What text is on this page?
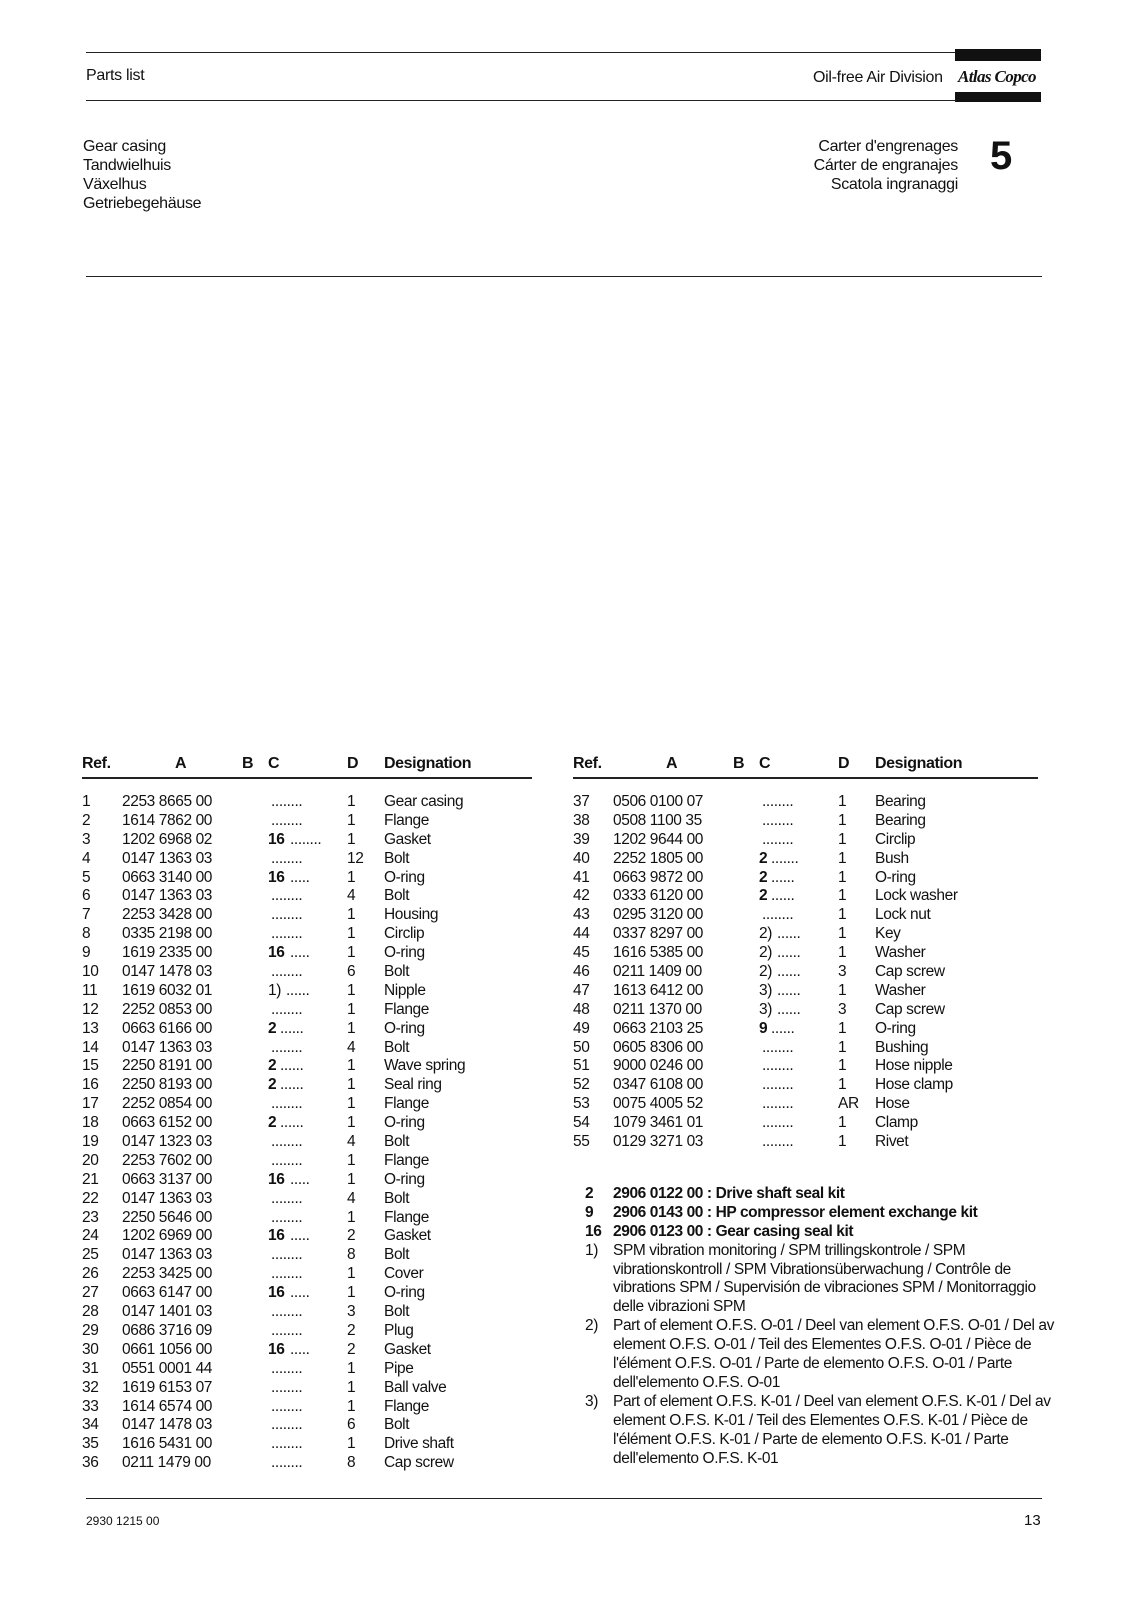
Parts list	Oil-free Air Division Atlas Copco
Gear casing
Tandwielhuis
Växelhus
Getriebegehäuse
Carter d'engrenages
Cárter de engranajes
Scatola ingranaggi
5
Ref.	A	B C	D Designation
1 2253 8665 00	........	1 Gear casing
2 1614 7862 00	........	1 Flange
3 1202 6968 02	16 ........ 1 Gasket
4 0147 1363 03	........	12 Bolt
5 0663 3140 00	16 ..... 1 O-ring
6 0147 1363 03	........	4 Bolt
7 2253 3428 00	........	1 Housing
8 0335 2198 00	........	1 Circlip
9 1619 2335 00	16 ..... 1 O-ring
10 0147 1478 03	........	6 Bolt
11 1619 6032 01	1) ...... 1 Nipple
12 2252 0853 00	........	1 Flange
13 0663 6166 00	2 ......	1 O-ring
14 0147 1363 03	........	4 Bolt
15 2250 8191 00	2 ......	1 Wave spring
16 2250 8193 00	2 ......	1 Seal ring
17 2252 0854 00	........	1 Flange
18 0663 6152 00	2 ......	1 O-ring
19 0147 1323 03	........	4 Bolt
20 2253 7602 00	........	1 Flange
21 0663 3137 00	16 ..... 1 O-ring
22 0147 1363 03	........	4 Bolt
23 2250 5646 00	........	1 Flange
24 1202 6969 00	16 ..... 2 Gasket
25 0147 1363 03	........	8 Bolt
26 2253 3425 00	........	1 Cover
27 0663 6147 00	16 ..... 1 O-ring
28 0147 1401 03	........	3 Bolt
29 0686 3716 09	........	2 Plug
30 0661 1056 00	16 ..... 2 Gasket
31 0551 0001 44	........	1 Pipe
32 1619 6153 07	........	1 Ball valve
33 1614 6574 00	........	1 Flange
34 0147 1478 03	........	6 Bolt
35 1616 5431 00	........	1 Drive shaft
36 0211 1479 00	........	8 Cap screw
Ref.	A	B C	D Designation
37 0506 0100 07	........	1 Bearing
38 0508 1100 35	........	1 Bearing
39 1202 9644 00	........	1 Circlip
40 2252 1805 00	2 .......	1 Bush
41 0663 9872 00	2 ......	1 O-ring
42 0333 6120 00	2 ......	1 Lock washer
43 0295 3120 00	........	1 Lock nut
44 0337 8297 00	2) ...... 1 Key
45 1616 5385 00	2) ...... 1 Washer
46 0211 1409 00	2) ...... 3 Cap screw
47 1613 6412 00	3) ...... 1 Washer
48 0211 1370 00	3) ...... 3 Cap screw
49 0663 2103 25	9 ......	1 O-ring
50 0605 8306 00	........	1 Bushing
51 9000 0246 00	........	1 Hose nipple
52 0347 6108 00	........	1 Hose clamp
53 0075 4005 52	........	AR Hose
54 1079 3461 01	........	1 Clamp
55 0129 3271 03	........	1 Rivet
2 2906 0122 00 : Drive shaft seal kit
9 2906 0143 00 : HP compressor element exchange kit
16 2906 0123 00 : Gear casing seal kit
1) SPM vibration monitoring / SPM trillingskontrole / SPM vibrationskontroll / SPM Vibrationsüberwachung / Contrôle de vibrations SPM / Supervisión de vibraciones SPM / Monitorraggio delle vibrazioni SPM
2) Part of element O.F.S. O-01 / Deel van element O.F.S. O-01 / Del av element O.F.S. O-01 / Teil des Elementes O.F.S. O-01 / Pièce de l'élément O.F.S. O-01 / Parte de elemento O.F.S. O-01 / Parte dell'elemento O.F.S. O-01
3) Part of element O.F.S. K-01 / Deel van element O.F.S. K-01 / Del av element O.F.S. K-01 / Teil des Elementes O.F.S. K-01 / Pièce de l'élément O.F.S. K-01 / Parte de elemento O.F.S. K-01 / Parte dell'elemento O.F.S. K-01
2930 1215 00	13
